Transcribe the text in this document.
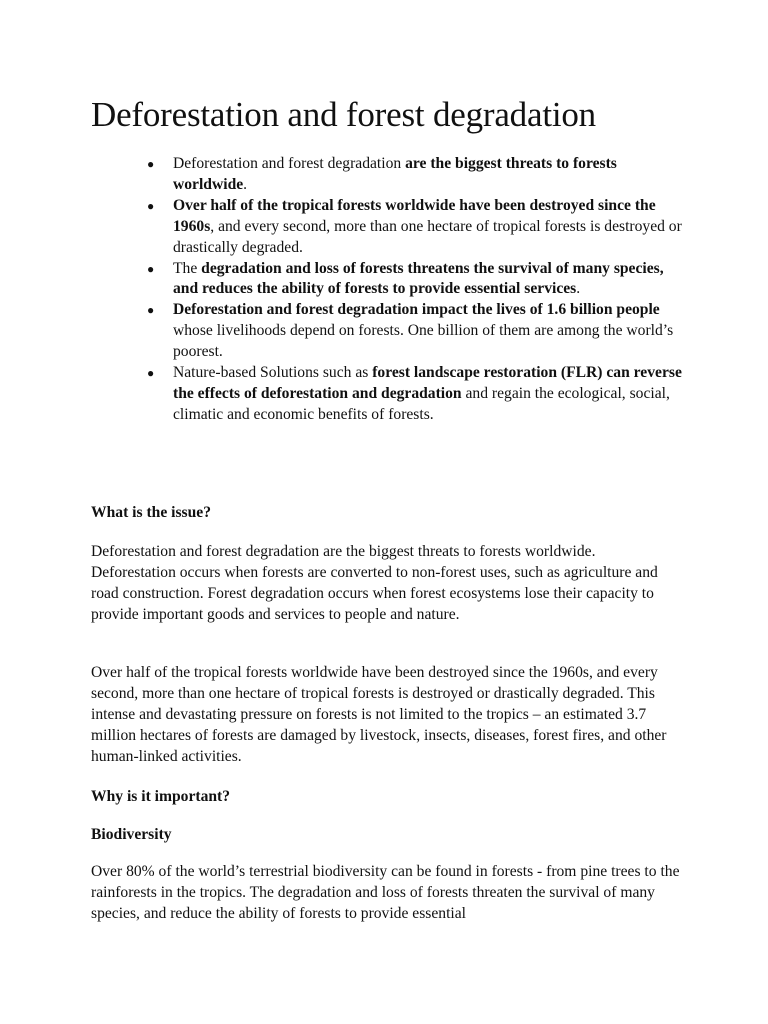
Deforestation and forest degradation
● Deforestation and forest degradation are the biggest threats to forests worldwide.
● Over half of the tropical forests worldwide have been destroyed since the 1960s, and every second, more than one hectare of tropical forests is destroyed or drastically degraded.
● The degradation and loss of forests threatens the survival of many species, and reduces the ability of forests to provide essential services.
● Deforestation and forest degradation impact the lives of 1.6 billion people whose livelihoods depend on forests. One billion of them are among the world’s poorest.
● Nature-based Solutions such as forest landscape restoration (FLR) can reverse the effects of deforestation and degradation and regain the ecological, social, climatic and economic benefits of forests.

What is the issue?

Deforestation and forest degradation are the biggest threats to forests worldwide. Deforestation occurs when forests are converted to non-forest uses, such as agriculture and road construction. Forest degradation occurs when forest ecosystems lose their capacity to provide important goods and services to people and nature.

Over half of the tropical forests worldwide have been destroyed since the 1960s, and every second, more than one hectare of tropical forests is destroyed or drastically degraded. This intense and devastating pressure on forests is not limited to the tropics – an estimated 3.7 million hectares of forests are damaged by livestock, insects, diseases, forest fires, and other human-linked activities.

Why is it important?

Biodiversity

Over 80% of the world’s terrestrial biodiversity can be found in forests - from pine trees to the rainforests in the tropics. The degradation and loss of forests threaten the survival of many species, and reduce the ability of forests to provide essential
